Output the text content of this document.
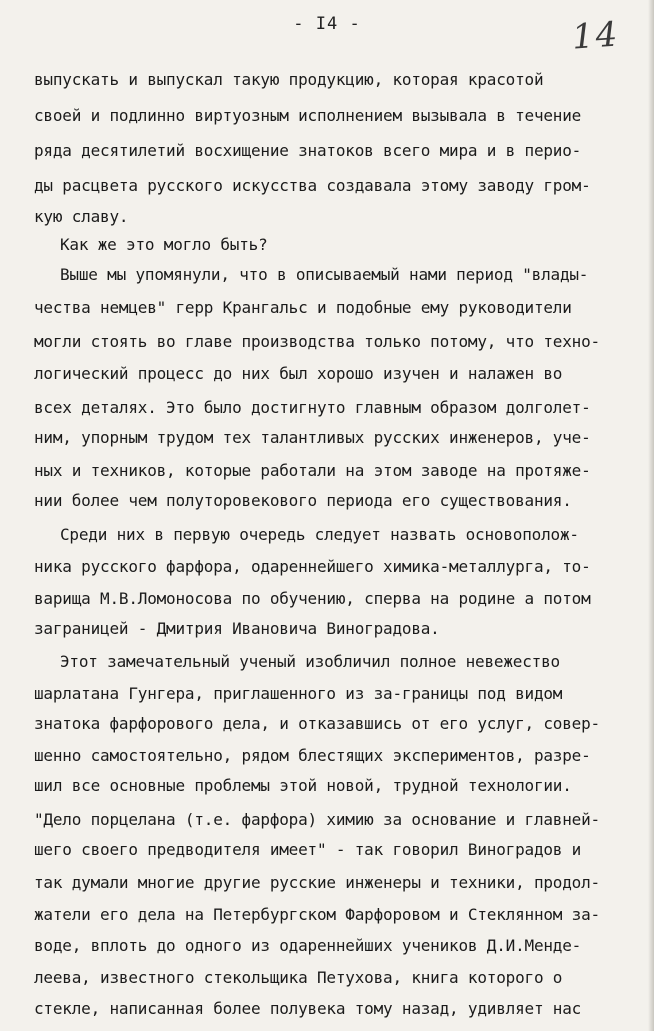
- I4 -	14
выпускать и выпускал такую продукцию, которая красотой
своей и подлинно виртуозным исполнением вызывала в течение
ряда десятилетий восхищение знатоков всего мира и в перио-
ды расцвета русского искусства создавала этому заводу гром-
кую славу.
Как же это могло быть?
Выше мы упомянули, что в описываемый нами период "влады-
чества немцев" герр Крангальс и подобные ему руководители
могли стоять во главе производства только потому, что техно-
логический процесс до них был хорошо изучен и налажен во
всех деталях. Это было достигнуто главным образом долголет-
ним, упорным трудом тех талантливых русских инженеров, уче-
ных и техников, которые работали на этом заводе на протяже-
нии более чем полуторовекового периода его существования.
Среди них в первую очередь следует назвать основополож-
ника русского фарфора, одареннейшего химика-металлурга, то-
варища М.В.Ломоносова по обучению, сперва на родине а потом
заграницей - Дмитрия Ивановича Виноградова.
Этот замечательный ученый изобличил полное невежество
шарлатана Гунгера, приглашенного из за-границы под видом
знатока фарфорового дела, и отказавшись от его услуг, совер-
шенно самостоятельно, рядом блестящих экспериментов, разре-
шил все основные проблемы этой новой, трудной технологии.
"Дело порцелана (т.е. фарфора) химию за основание и главней-
шего своего предводителя имеет" - так говорил Виноградов и
так думали многие другие русские инженеры и техники, продол-
жатели его дела на Петербургском Фарфоровом и Стеклянном за-
воде, вплоть до одного из одареннейших учеников Д.И.Менде-
леева, известного стекольщика Петухова, книга которого о
стекле, написанная более полувека тому назад, удивляет нас
